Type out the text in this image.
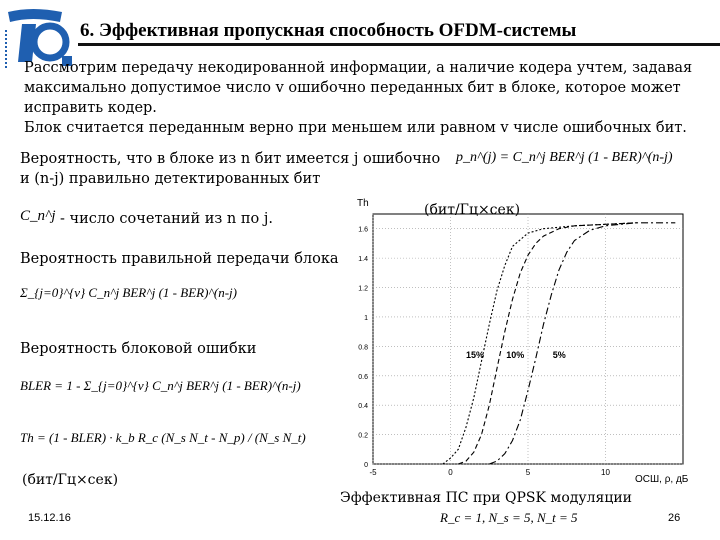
6. Эффективная пропускная способность OFDM-системы

Рассмотрим передачу некодированной информации, а наличие кодера учтем, задавая максимально допустимое число v ошибочно переданных бит в блоке, которое может исправить кодер.

Блок считается переданным верно при меньшем или равном v числе ошибочных бит.

Вероятность, что в блоке из n бит имеется j ошибочно
и (n-j) правильно детектированных бит
p_n^(j) = C_n^j BER^j (1 - BER)^(n-j)
C_n^j - число сочетаний из n по j.
(бит/Гц×сек)
Вероятность правильной передачи блока
Σ_{j=0}^{v} C_n^j BER^j (1 - BER)^(n-j)
Вероятность блоковой ошибки
BLER = 1 - Σ_{j=0}^{v} C_n^j BER^j (1 - BER)^(n-j)
Th = (1 - BLER) · k_b R_c (N_s N_t - N_p) / (N_s N_t)
(бит/Гц×сек)
0
0.2
0.4
0.6
0.8
1
1.2
1.4
1.6
-5	0	5	10
15% 10%	5%
Th
ОСШ, ρ, дБ
Эффективная ПС при QPSK модуляции
R_c = 1, N_s = 5, N_t = 5
15.12.16	26
